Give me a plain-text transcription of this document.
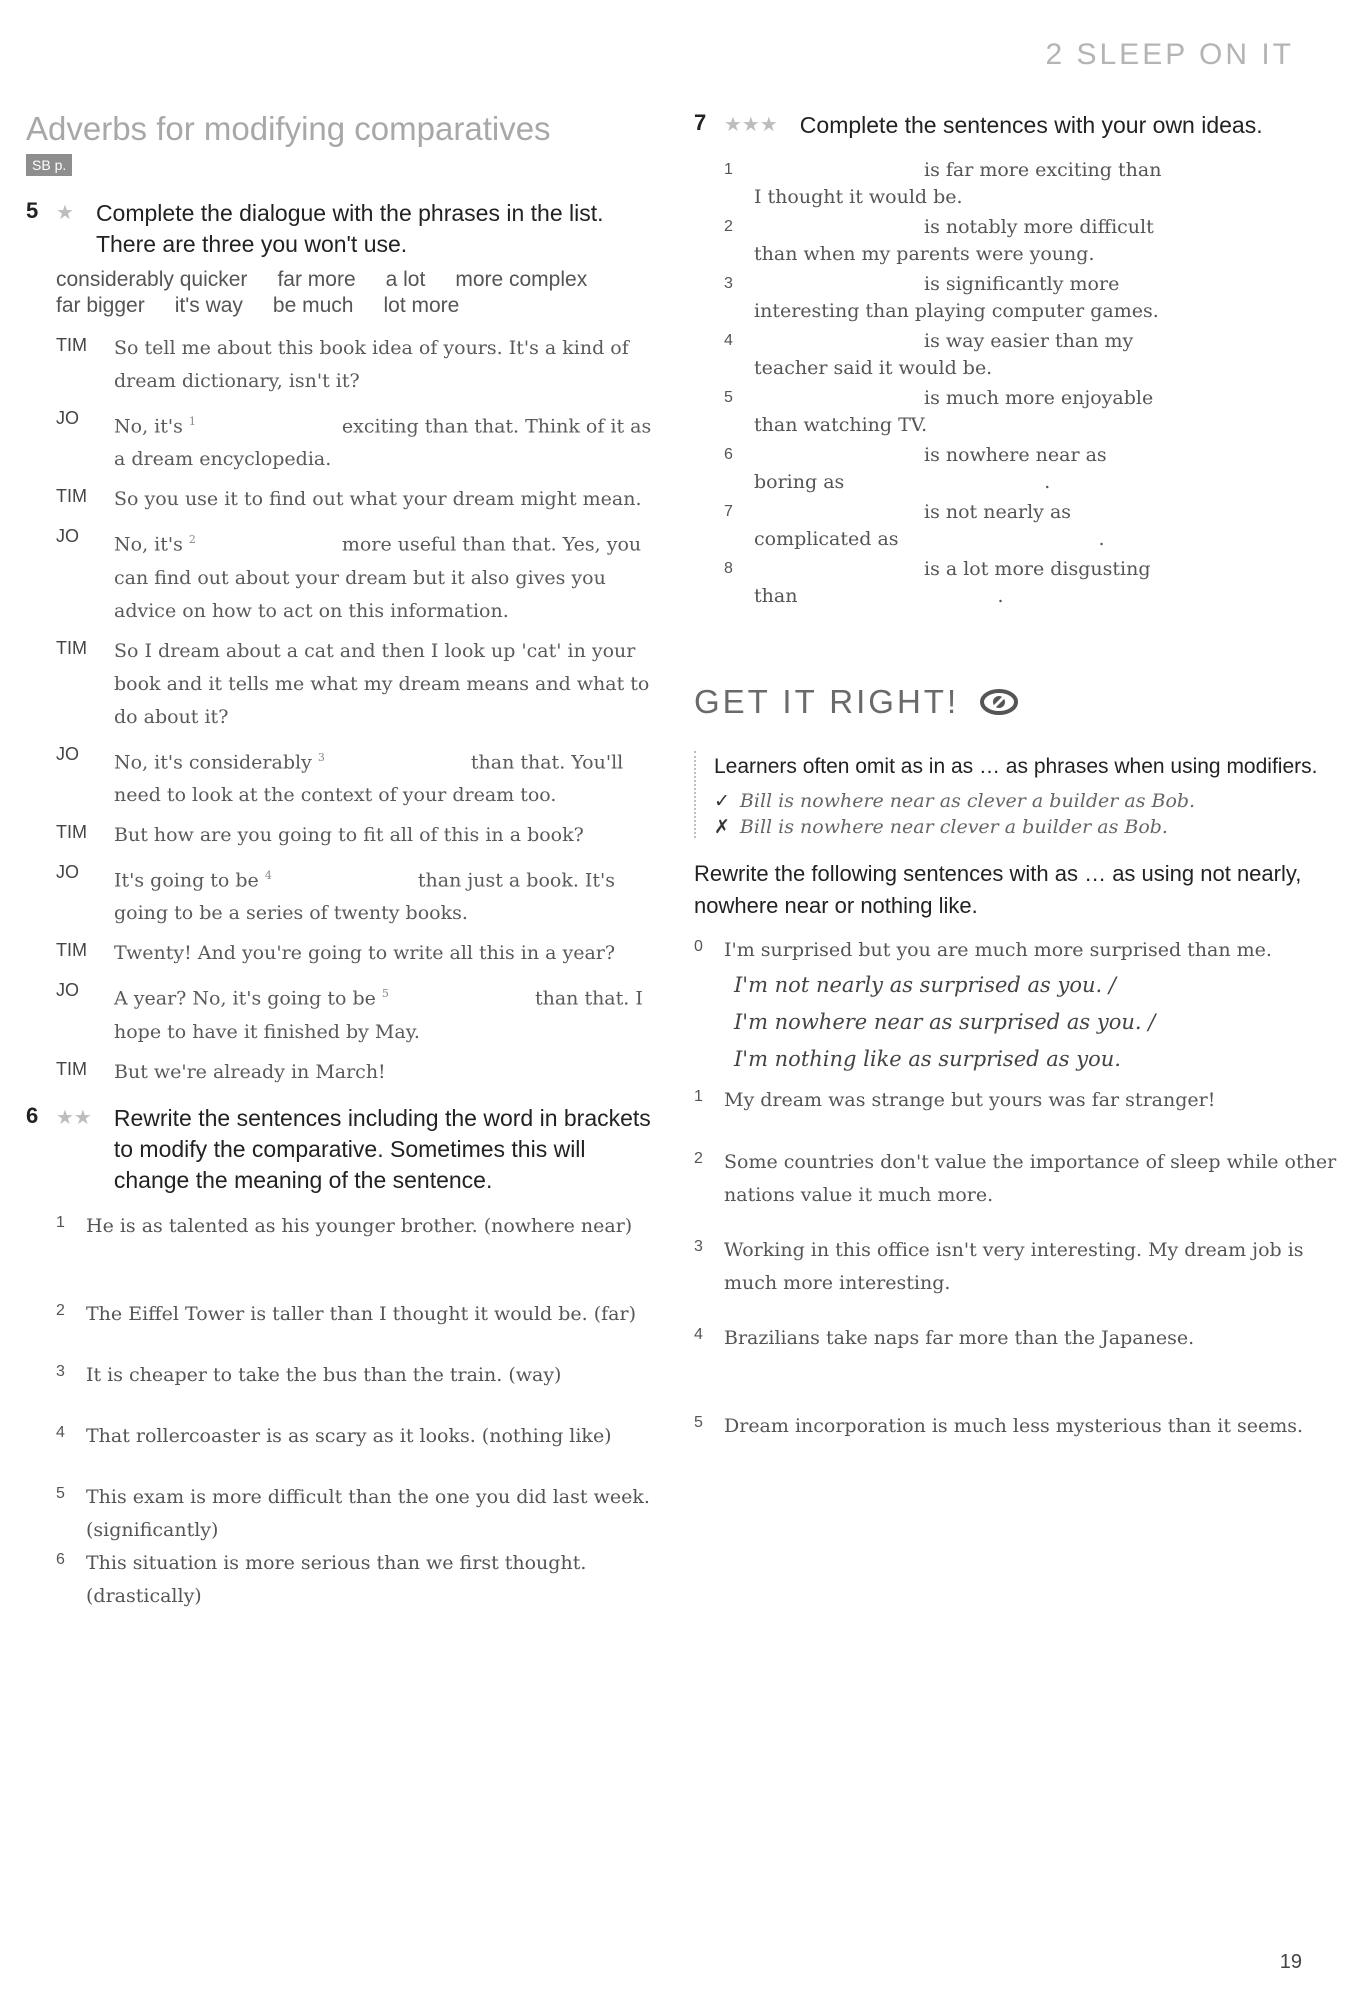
2 SLEEP ON IT
Adverbs for modifying comparatives
SB p.
5 ★ Complete the dialogue with the phrases in the list. There are three you won't use.
considerably quicker far more a lot more complex
far bigger it's way be much lot more
TIM	So tell me about this book idea of yours. It's a kind of dream dictionary, isn't it?
JO	No, it's $^1$	exciting than that. Think of it as a dream encyclopedia.
TIM	So you use it to find out what your dream might mean.
JO	No, it's $^2$	more useful than that. Yes, you can find out about your dream but it also gives you advice on how to act on this information.
TIM	So I dream about a cat and then I look up 'cat' in your book and it tells me what my dream means and what to do about it?
JO	No, it's considerably $^3$	than that. You'll need to look at the context of your dream too.
TIM	But how are you going to fit all of this in a book?
JO	It's going to be $^4$	than just a book. It's going to be a series of twenty books.
TIM	Twenty! And you're going to write all this in a year?
JO	A year? No, it's going to be $^5$	than that. I hope to have it finished by May.
TIM	But we're already in March!
6 ★★ Rewrite the sentences including the word in brackets to modify the comparative. Sometimes this will change the meaning of the sentence.
1	He is as talented as his younger brother. (nowhere near)
2	The Eiffel Tower is taller than I thought it would be. (far)
3	It is cheaper to take the bus than the train. (way)
4	That rollercoaster is as scary as it looks. (nothing like)
5	This exam is more difficult than the one you did last week. (significantly)
6	This situation is more serious than we first thought. (drastically)
7 ★★★ Complete the sentences with your own ideas.
1	is far more exciting than
I thought it would be.
2	is notably more difficult
than when my parents were young.
3	is significantly more
interesting than playing computer games.
4	is way easier than my
teacher said it would be.
5	is much more enjoyable
than watching TV.
6	is nowhere near as
boring as	.
7	is not nearly as
complicated as	.
8	is a lot more disgusting
than	.
GET IT RIGHT!

Learners often omit as in as … as phrases when using modifiers.

✓ Bill is nowhere near as clever a builder as Bob.
✗ Bill is nowhere near clever a builder as Bob.
Rewrite the following sentences with as … as using not nearly, nowhere near or nothing like.
0	I'm surprised but you are much more surprised than me.
I'm not nearly as surprised as you. /
I'm nowhere near as surprised as you. /
I'm nothing like as surprised as you.
1	My dream was strange but yours was far stranger!
2	Some countries don't value the importance of sleep while other nations value it much more.
3	Working in this office isn't very interesting. My dream job is much more interesting.
4	Brazilians take naps far more than the Japanese.
5	Dream incorporation is much less mysterious than it seems.
19
